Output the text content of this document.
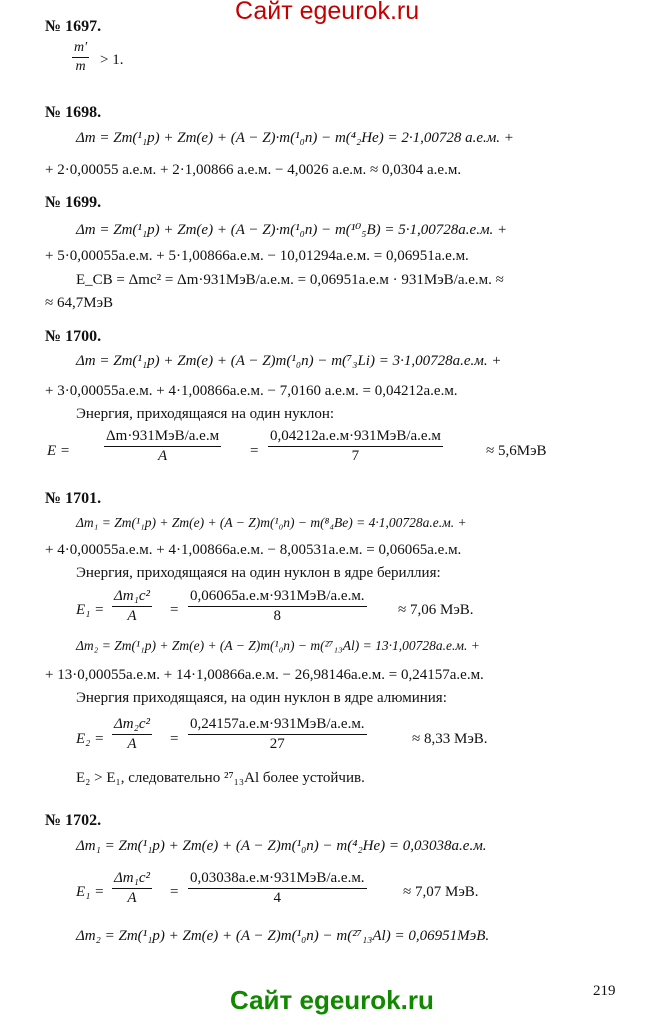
Сайт egeurok.ru
№ 1697.
$\frac{m'}{m} > 1$.
№ 1698.
Δm = Zm(¹₁p) + Zm(e) + (A − Z)·m(¹₀n) − m(⁴₂He) = 2·1,00728 а.е.м. +
+ 2·0,00055 а.е.м. + 2·1,00866 а.е.м. − 4,0026 а.е.м. ≈ 0,0304 а.е.м.
№ 1699.
Δm = Zm(¹₁p) + Zm(e) + (A − Z)·m(¹₀n) − m(¹⁰₅B) = 5·1,00728а.е.м. +
+ 5·0,00055а.е.м. + 5·1,00866а.е.м. − 10,01294а.е.м. = 0,06951а.е.м.
E_СВ = Δmc² = Δm·931МэВ/а.е.м. = 0,06951а.е.м · 931МэВ/а.е.м. ≈
≈ 64,7МэВ
№ 1700.
Δm = Zm(¹₁p) + Zm(e) + (A − Z)m(¹₀n) − m(⁷₃Li) = 3·1,00728а.е.м. +
+ 3·0,00055а.е.м. + 4·1,00866а.е.м. − 7,0160 а.е.м. = 0,04212а.е.м.
Энергия, приходящаяся на один нуклон:
E =
Δm·931МэВ/а.е.м
A	=
0,04212а.е.м·931МэВ/а.е.м
7	≈ 5,6МэВ
№ 1701.
Δm₁ = Zm(¹₁p) + Zm(e) + (A − Z)m(¹₀n) − m(⁸₄Be) = 4·1,00728а.е.м. +
+ 4·0,00055а.е.м. + 4·1,00866а.е.м. − 8,00531а.е.м. = 0,06065а.е.м.
Энергия, приходящаяся на один нуклон в ядре бериллия:
$E_1 = \frac{\text{Δm₁c²}}{A}$ =
0,06065а.е.м·931МэВ/а.е.м.
8	≈ 7,06 МэВ.
Δm₂ = Zm(¹₁p) + Zm(e) + (A − Z)m(¹₀n) − m(²⁷₁₃Al) = 13·1,00728а.е.м. +
+ 13·0,00055а.е.м. + 14·1,00866а.е.м. − 26,98146а.е.м. = 0,24157а.е.м.
Энергия приходящаяся, на один нуклон в ядре алюминия:
$E_2 = \frac{\text{Δm₂c²}}{A}$ =
0,24157а.е.м·931МэВ/а.е.м.
27	≈ 8,33 МэВ.
E₂ > E₁, следовательно ²⁷₁₃Al более устойчив.
№ 1702.
Δm₁ = Zm(¹₁p) + Zm(e) + (A − Z)m(¹₀n) − m(⁴₂He) = 0,03038а.е.м.
$E_1 = \frac{\text{Δm₁c²}}{A}$ =
0,03038а.е.м·931МэВ/а.е.м.
4	≈ 7,07 МэВ.
Δm₂ = Zm(¹₁p) + Zm(e) + (A − Z)m(¹₀n) − m(²⁷₁₃Al) = 0,06951МэВ.
Сайт egeurok.ru	219
